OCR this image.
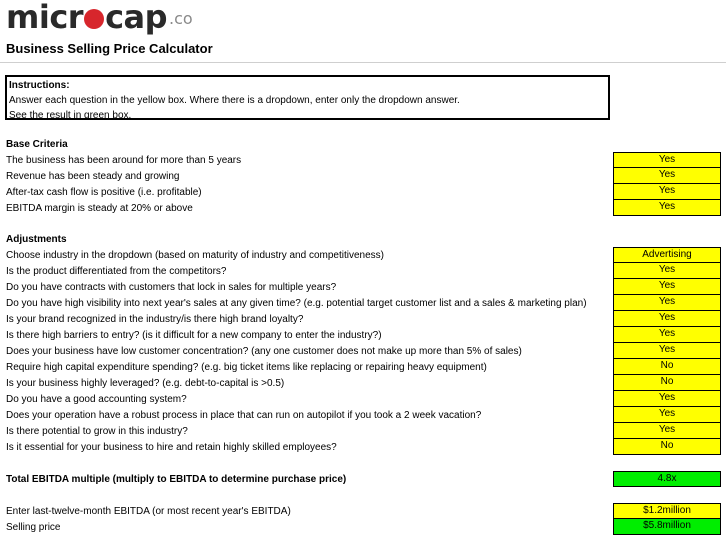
micr cap .co
Business Selling Price Calculator
Instructions:
Answer each question in the yellow box. Where there is a dropdown, enter only the dropdown answer.
See the result in green box.
Base Criteria
The business has been around for more than 5 years	Yes
Revenue has been steady and growing	Yes
After-tax cash flow is positive (i.e. profitable)	Yes
EBITDA margin is steady at 20% or above	Yes
Adjustments
Choose industry in the dropdown (based on maturity of industry and competitiveness)	Advertising
Is the product differentiated from the competitors?	Yes
Do you have contracts with customers that lock in sales for multiple years?	Yes
Do you have high visibility into next year's sales at any given time? (e.g. potential target customer list and a sales & marketing plan)	Yes
Is your brand recognized in the industry/is there high brand loyalty?	Yes
Is there high barriers to entry? (is it difficult for a new company to enter the industry?)	Yes
Does your business have low customer concentration? (any one customer does not make up more than 5% of sales)	Yes
Require high capital expenditure spending? (e.g. big ticket items like replacing or repairing heavy equipment)	No
Is your business highly leveraged? (e.g. debt-to-capital is >0.5)	No
Do you have a good accounting system?	Yes
Does your operation have a robust process in place that can run on autopilot if you took a 2 week vacation?	Yes
Is there potential to grow in this industry?	Yes
Is it essential for your business to hire and retain highly skilled employees?	No
Total EBITDA multiple (multiply to EBITDA to determine purchase price)	4.8x
Enter last-twelve-month EBITDA (or most recent year's EBITDA)	$1.2million
Selling price	$5.8million
